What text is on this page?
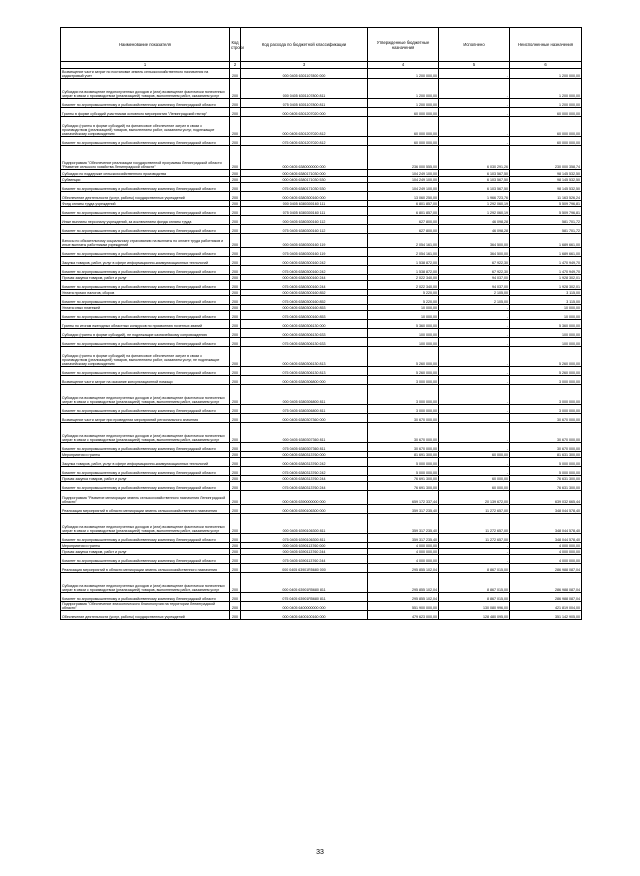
Наименование показателя	Код строки	Код расхода по бюджетной классификации	Утвержденные бюджетные назначения	Исполнено	Неисполненные назначения
1	2	3	4	5	6
Возмещение части затрат по постановке земель сельскохозяйственного назначения на кадастровый учет	200	000 0405 6301107800 000	1 200 000,00	-	1 200 000,00
Субсидии на возмещение недополученных доходов и (или) возмещение фактически понесенных затрат в связи с производством (реализацией) товаров, выполнением работ, оказанием услуг	200	000 0405 6301107800 811	1 200 000,00	-	1 200 000,00
Комитет по агропромышленному и рыбохозяйственному комплексу Ленинградской области	200	075 0405 6301107800 811	1 200 000,00	-	1 200 000,00
Гранты в форме субсидий участникам основного мероприятия "Ленинградский гектар"	200	000 0405 6301207020 000	60 000 000,00	-	60 000 000,00
Субсидии (гранты в форме субсидий) на финансовое обеспечение затрат в связи с производством (реализацией) товаров, выполнением работ, оказанием услуг, подлежащие казначейскому сопровождению	200	000 0405 6301207020 812	60 000 000,00	-	60 000 000,00
Комитет по агропромышленному и рыбохозяйственному комплексу Ленинградской области	200	075 0405 6301207020 812	60 000 000,00	-	60 000 000,00
Подпрограмма "Обеспечение реализации государственной программы Ленинградской области "Развитие сельского хозяйства Ленинградской области"	200	000 0405 6380000000 000	236 000 555,00	6 030 291,26	230 000 358,74
Субсидии по поддержке сельскохозяйственного производства	200	000 0405 6380171030 000	104 249 100,00	6 103 567,50	98 145 532,50
Субвенции	200	000 0405 6380171030 530	104 249 100,00	6 103 567,50	98 145 532,50
Комитет по агропромышленному и рыбохозяйственному комплексу Ленинградской области	200	075 0405 6380171030 530	104 249 100,00	6 103 567,50	98 145 532,50
Обеспечение деятельности (услуг, работы) государственных учреждений	200	000 0405 6380300160 000	13 060 250,00	1 966 723,76	11 163 526,24
Фонд оплаты труда учреждений	200	000 0405 6380300160 111	6 801 857,00	1 292 060,19	5 509 796,81
Комитет по агропромышленному и рыбохозяйственному комплексу Ленинградской области	200	075 0405 6380300160 111	6 801 857,00	1 292 060,19	5 509 796,81
Иные выплаты персоналу учреждений, за исключением фонда оплаты труда	200	000 0405 6380300160 112	627 800,00	46 098,28	581 701,72
Комитет по агропромышленному и рыбохозяйственному комплексу Ленинградской области	200	075 0405 6380300160 112	627 800,00	46 098,28	581 701,72
Взносы по обязательному социальному страхованию на выплаты по оплате труда работников и иные выплаты работникам учреждений	200	000 0405 6380300160 119	2 054 161,00	364 500,00	1 689 661,00
Комитет по агропромышленному и рыбохозяйственному комплексу Ленинградской области	200	075 0405 6380300160 119	2 054 161,00	364 500,00	1 689 661,00
Закупка товаров, работ, услуг в сфере информационно-коммуникационных технологий	200	000 0405 6380300160 242	1 538 872,00	67 922,30	1 470 949,70
Комитет по агропромышленному и рыбохозяйственному комплексу Ленинградской области	200	075 0405 6380300160 242	1 538 872,00	67 922,30	1 470 949,70
Прочая закупка товаров, работ и услуг	200	000 0405 6380300160 244	2 022 340,00	94 037,00	1 928 302,01
Комитет по агропромышленному и рыбохозяйственному комплексу Ленинградской области	200	075 0405 6380300160 244	2 022 340,00	94 037,00	1 928 302,01
Уплата прочих налогов, сборов	200	000 0405 6380300160 852	5 220,00	2 105,00	3 115,00
Комитет по агропромышленному и рыбохозяйственному комплексу Ленинградской области	200	075 0405 6380300160 852	5 220,00	2 105,00	3 115,00
Уплата иных платежей	200	000 0405 6380300160 853	10 000,00	-	10 000,00
Комитет по агропромышленному и рыбохозяйственному комплексу Ленинградской области	200	075 0405 6380300160 853	10 000,00	-	10 000,00
Гранты по итогам ежегодных областных конкурсов по присвоению почетных званий	200	000 0405 6380306130 000	5 360 000,00	-	5 360 000,00
Субсидии (гранты в форме субсидий), не подлежащие казначейскому сопровождению	200	000 0405 6380306130 633	100 000,00	-	100 000,00
Комитет по агропромышленному и рыбохозяйственному комплексу Ленинградской области	200	075 0405 6380306130 633	100 000,00	-	100 000,00
Субсидии (гранты в форме субсидий) на финансовое обеспечение затрат в связи с производством (реализацией) товаров, выполнением работ, оказанием услуг, не подлежащие казначейскому сопровождению	200	000 0405 6380306130 813	5 260 000,00	-	5 260 000,00
Комитет по агропромышленному и рыбохозяйственному комплексу Ленинградской области	200	075 0405 6380306130 813	5 260 000,00	-	5 260 000,00
Возмещение части затрат на оказание консультационной помощи	200	000 0405 6380306800 000	3 000 000,00	-	3 000 000,00
Субсидии на возмещение недополученных доходов и (или) возмещение фактически понесенных затрат в связи с производством (реализацией) товаров, выполнением работ, оказанием услуг	200	000 0405 6380306800 811	3 000 000,00	-	3 000 000,00
Комитет по агропромышленному и рыбохозяйственному комплексу Ленинградской области	200	075 0405 6380306800 811	3 000 000,00	-	3 000 000,00
Возмещение части затрат при проведении мероприятий регионального значения	200	000 0405 6380307360 000	30 670 000,00	-	30 670 000,00
Субсидии на возмещение недополученных доходов и (или) возмещение фактически понесенных затрат в связи с производством (реализацией) товаров, выполнением работ, оказанием услуг	200	000 0405 6380307360 811	30 670 000,00	-	30 670 000,00
Комитет по агропромышленному и рыбохозяйственному комплексу Ленинградской области	200	075 0405 6380307360 811	30 670 000,00	-	30 670 000,00
Мероприятия и гранты	200	000 0405 6380313760 000	81 691 300,00	60 000,00	81 631 300,00
Закупка товаров, работ, услуг в сфере информационно-коммуникационных технологий	200	000 0405 6380313760 242	5 000 000,00	-	5 000 000,00
Комитет по агропромышленному и рыбохозяйственному комплексу Ленинградской области	200	075 0405 6380313760 242	5 000 000,00	-	5 000 000,00
Прочая закупка товаров, работ и услуг	200	000 0405 6380313760 244	76 691 300,00	60 000,00	76 631 300,00
Комитет по агропромышленному и рыбохозяйственному комплексу Ленинградской области	200	075 0405 6380313760 244	76 691 300,00	60 000,00	76 631 300,00
Подпрограмма "Развитие мелиорации земель сельскохозяйственного назначения Ленинградской области"	200	000 0405 6390000000 000	659 172 337,44	20 139 672,00	639 032 665,44
Реализация мероприятий в области мелиорации земель сельскохозяйственного назначения	200	000 0405 6390106300 000	359 317 235,40	11 272 657,00	348 044 578,40
Субсидии на возмещение недополученных доходов и (или) возмещение фактически понесенных затрат в связи с производством (реализацией) товаров, выполнением работ, оказанием услуг	200	000 0405 6390106300 811	359 317 235,40	11 272 657,00	348 044 578,40
Комитет по агропромышленному и рыбохозяйственному комплексу Ленинградской области	200	075 0405 6390106300 811	359 317 235,40	11 272 657,00	348 044 578,40
Мероприятия и гранты	200	000 0405 6390113760 000	4 000 000,00	-	4 000 000,00
Прочая закупка товаров, работ и услуг	200	000 0405 6390113760 244	4 000 000,00	-	4 000 000,00
Комитет по агропромышленному и рыбохозяйственному комплексу Ленинградской области	200	075 0405 6390113760 244	4 000 000,00	-	4 000 000,00
Реализация мероприятий в области мелиорации земель сельскохозяйственного назначения	200	000 0405 63901R5680 000	295 855 102,04	8 867 015,00	286 988 087,04
Субсидии на возмещение недополученных доходов и (или) возмещение фактически понесенных затрат в связи с производством (реализацией) товаров, выполнением работ, оказанием услуг	200	000 0405 63901R5680 811	295 855 102,04	8 867 015,00	286 988 087,04
Комитет по агропромышленному и рыбохозяйственному комплексу Ленинградской области	200	075 0405 63901R5680 811	295 855 102,04	8 867 015,00	286 988 087,04
Подпрограмма "Обеспечение эпизоотического благополучия на территории Ленинградской области"	200	000 0405 6400000000 000	551 900 000,00	130 080 996,00	421 819 004,00
Обеспечение деятельности (услуг, работы) государственных учреждений	200	000 0405 6400100160 000	479 623 000,00	128 480 095,00	351 142 905,00
33
